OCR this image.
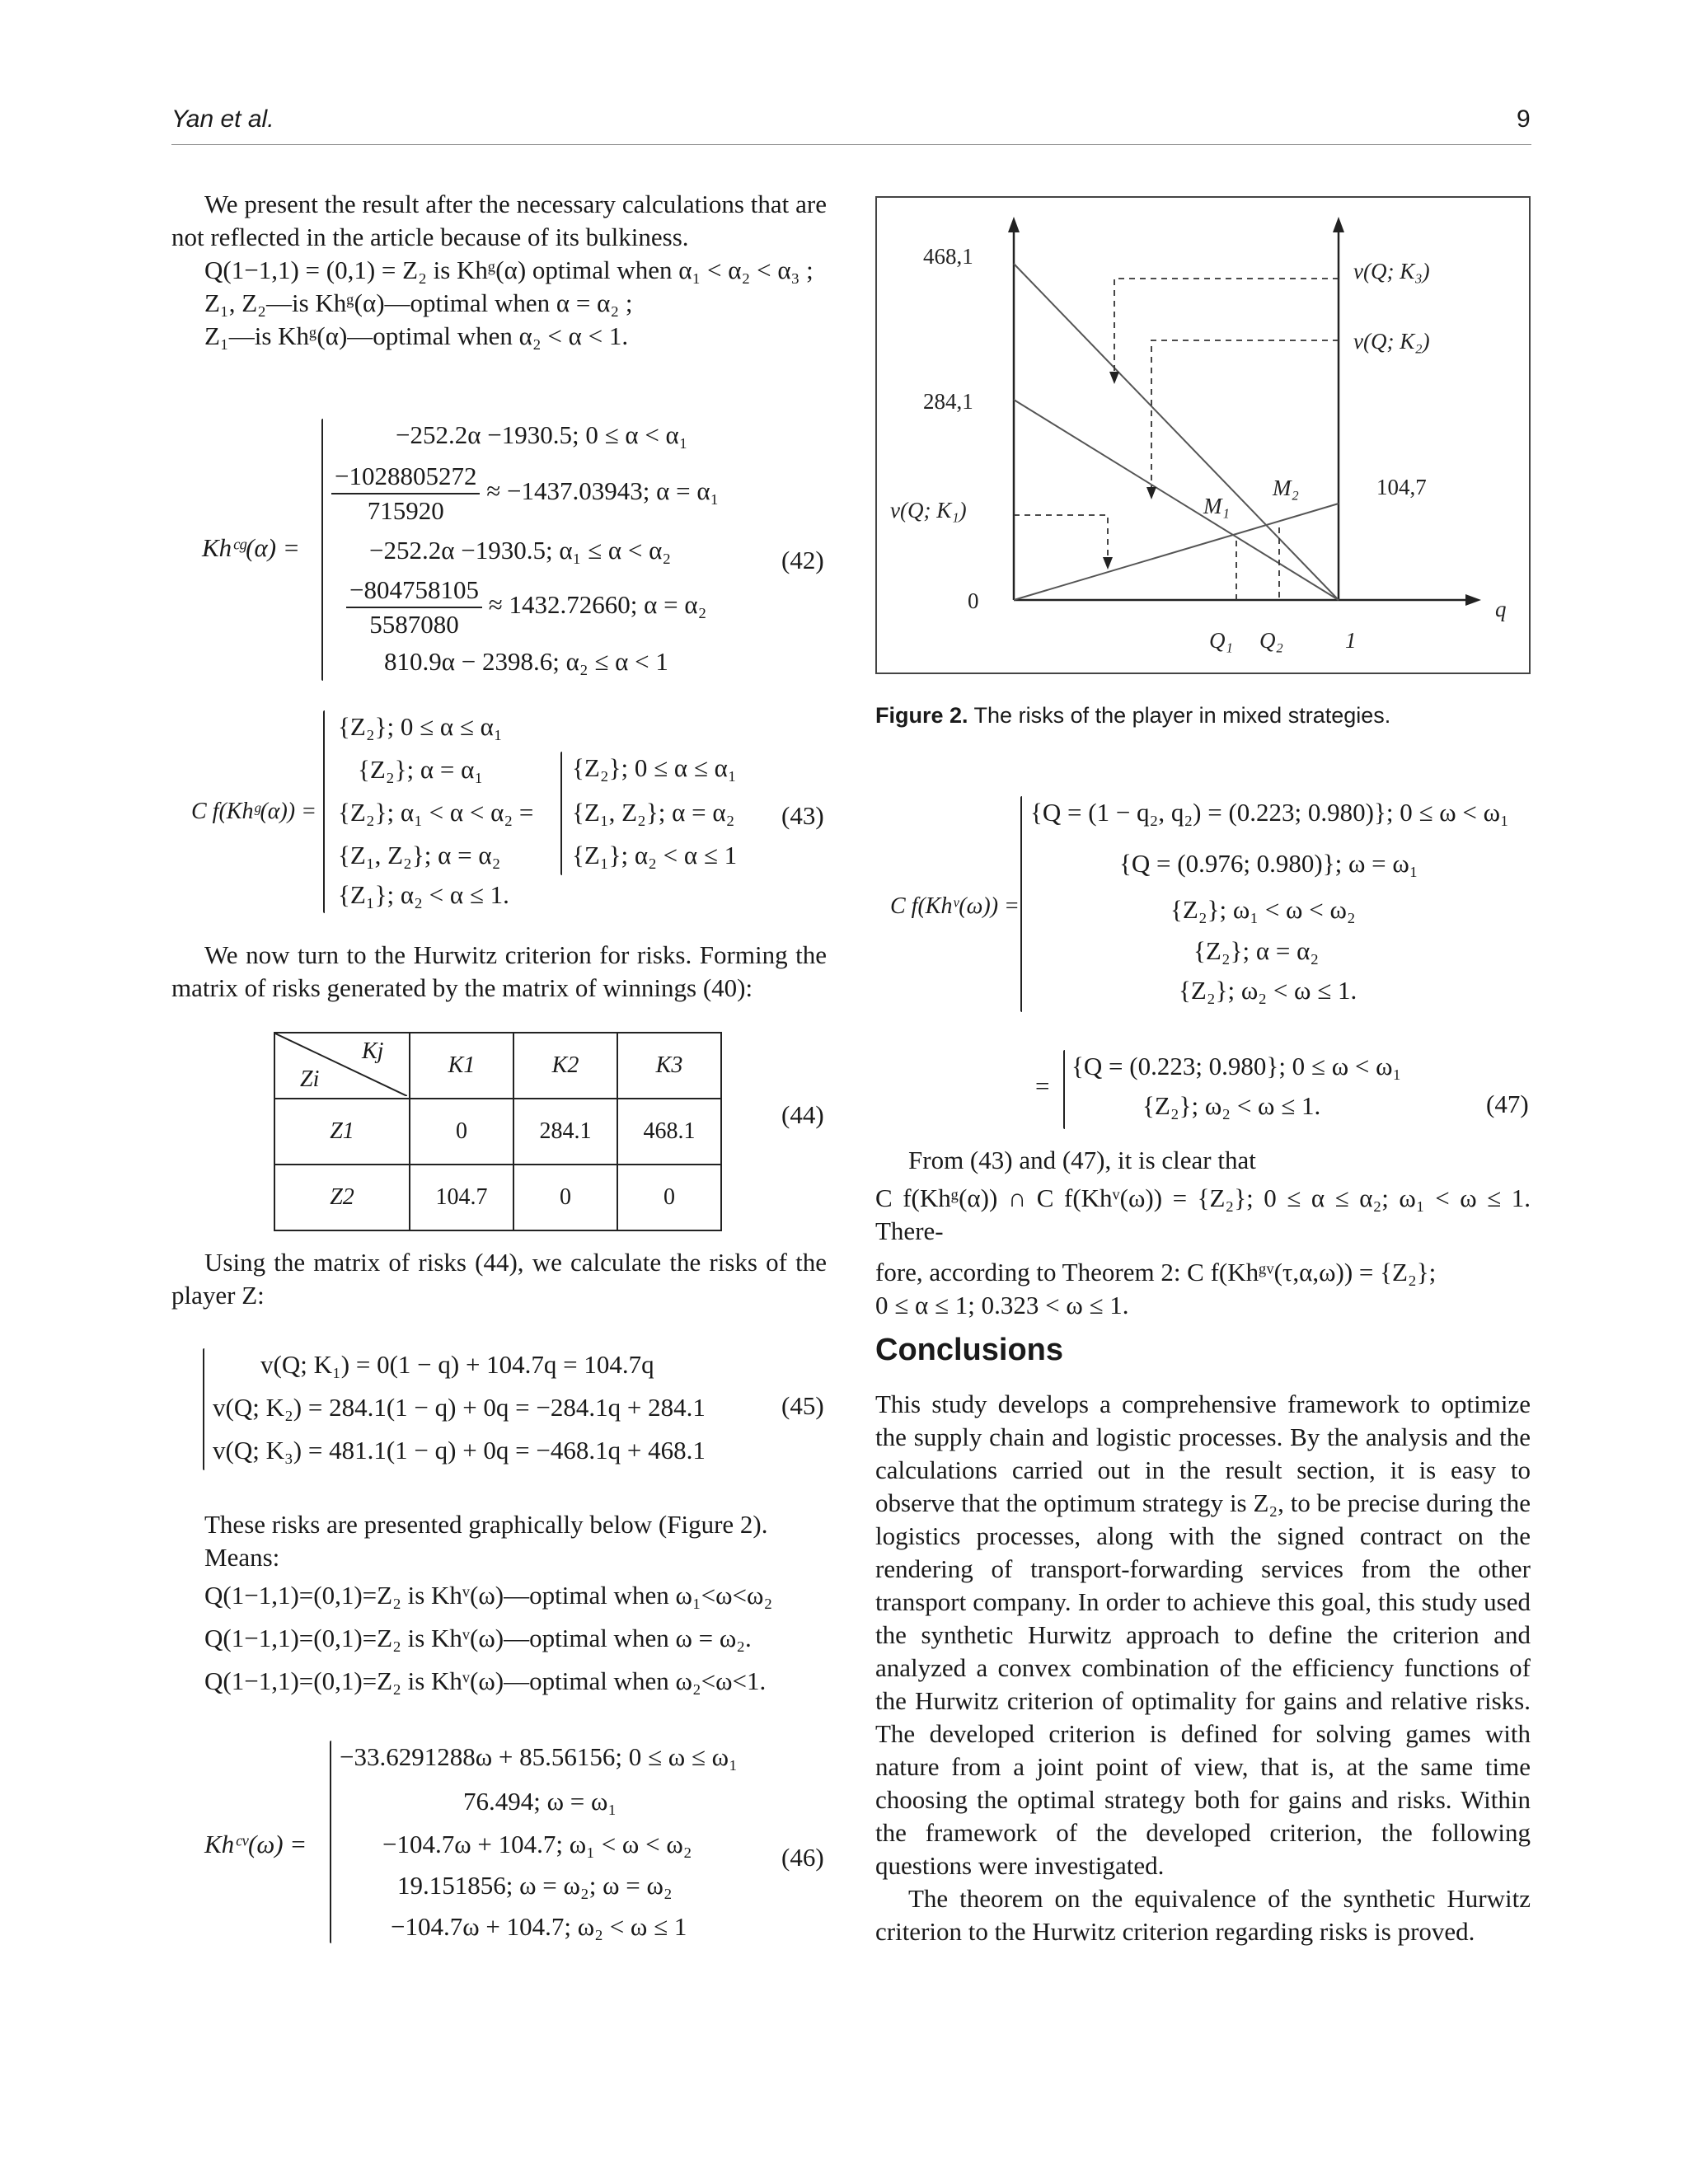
Yan et al.	9

We present the result after the necessary calculations that are not reflected in the article because of its bulkiness.

Q(1−1,1) = (0,1) = Z₂ is Khᵍ(α) optimal when α₁ < α₂ < α₃ ;

Z₁, Z₂—is Khᵍ(α)—optimal when α = α₂ ;

Z₁—is Khᵍ(α)—optimal when α₂ < α < 1.

Khᶜᵍ(α) =
−252.2α −1930.5; 0 ≤ α < α₁
$\frac{-1028805272}{715920} \approx -1437.03943$; α = α₁
−252.2α −1930.5; α₁ ≤ α < α₂
$\frac{-804758105}{5587080} \approx 1432.72660$; α = α₂
810.9α − 2398.6; α₂ ≤ α < 1
(42)
C f(Khᵍ(α)) =
{Z₂}; 0 ≤ α ≤ α₁
{Z₂}; α = α₁
{Z₂}; α₁ < α < α₂ =
{Z₁, Z₂}; α = α₂
{Z₁}; α₂ < α ≤ 1.
{Z₂}; 0 ≤ α ≤ α₁
{Z₁, Z₂}; α = α₂
{Z₁}; α₂ < α ≤ 1
(43)

We now turn to the Hurwitz criterion for risks. Forming the matrix of risks generated by the matrix of winnings (40):

Kj
Zi	K1	K2	K3
Z1	0	284.1	468.1
Z2	104.7	0	0
(44)

Using the matrix of risks (44), we calculate the risks of the player Z:

v(Q; K₁) = 0(1 − q) + 104.7q = 104.7q
v(Q; K₂) = 284.1(1 − q) + 0q = −284.1q + 284.1
v(Q; K₃) = 481.1(1 − q) + 0q = −468.1q + 468.1
(45)

These risks are presented graphically below (Figure 2).

Means:

Q(1−1,1)=(0,1)=Z₂ is Khᵛ(ω)—optimal when ω₁<ω<ω₂

Q(1−1,1)=(0,1)=Z₂ is Khᵛ(ω)—optimal when ω = ω₂.

Q(1−1,1)=(0,1)=Z₂ is Khᵛ(ω)—optimal when ω₂<ω<1.

Khᶜᵛ(ω) =
−33.6291288ω + 85.56156; 0 ≤ ω ≤ ω₁
76.494; ω = ω₁
−104.7ω + 104.7; ω₁ < ω < ω₂
19.151856; ω = ω₂; ω = ω₂
−104.7ω + 104.7; ω₂ < ω ≤ 1
(46)
468,1
284,1
v(Q; K₁)
0
v(Q; K₃)
v(Q; K₂)
104,7
M₁
M₂
Q₁ Q₂	1
q
Figure 2. The risks of the player in mixed strategies.
C f(Khᵛ(ω)) =
{Q = (1 − q₂, q₂) = (0.223; 0.980)}; 0 ≤ ω < ω₁
{Q = (0.976; 0.980)}; ω = ω₁
{Z₂}; ω₁ < ω < ω₂
{Z₂}; α = α₂
{Z₂}; ω₂ < ω ≤ 1.
=
{Q = (0.223; 0.980}; 0 ≤ ω < ω₁
{Z₂}; ω₂ < ω ≤ 1.	(47)

From (43) and (47), it is clear that

C f(Khᵍ(α)) ∩ C f(Khᵛ(ω)) = {Z₂}; 0 ≤ α ≤ α₂; ω₁ < ω ≤ 1. There-

fore, according to Theorem 2: C f(Khᵍᵛ(τ,α,ω)) = {Z₂};

0 ≤ α ≤ 1; 0.323 < ω ≤ 1.

Conclusions

This study develops a comprehensive framework to optimize the supply chain and logistic processes. By the analysis and the calculations carried out in the result section, it is easy to observe that the optimum strategy is Z₂, to be precise during the logistics processes, along with the signed contract on the rendering of transport-forwarding services from the other transport company. In order to achieve this goal, this study used the synthetic Hurwitz approach to define the criterion and analyzed a convex combination of the efficiency functions of the Hurwitz criterion of optimality for gains and relative risks. The developed criterion is defined for solving games with nature from a joint point of view, that is, at the same time choosing the optimal strategy both for gains and risks. Within the framework of the developed criterion, the following questions were investigated.

The theorem on the equivalence of the synthetic Hurwitz criterion to the Hurwitz criterion regarding risks is proved.
